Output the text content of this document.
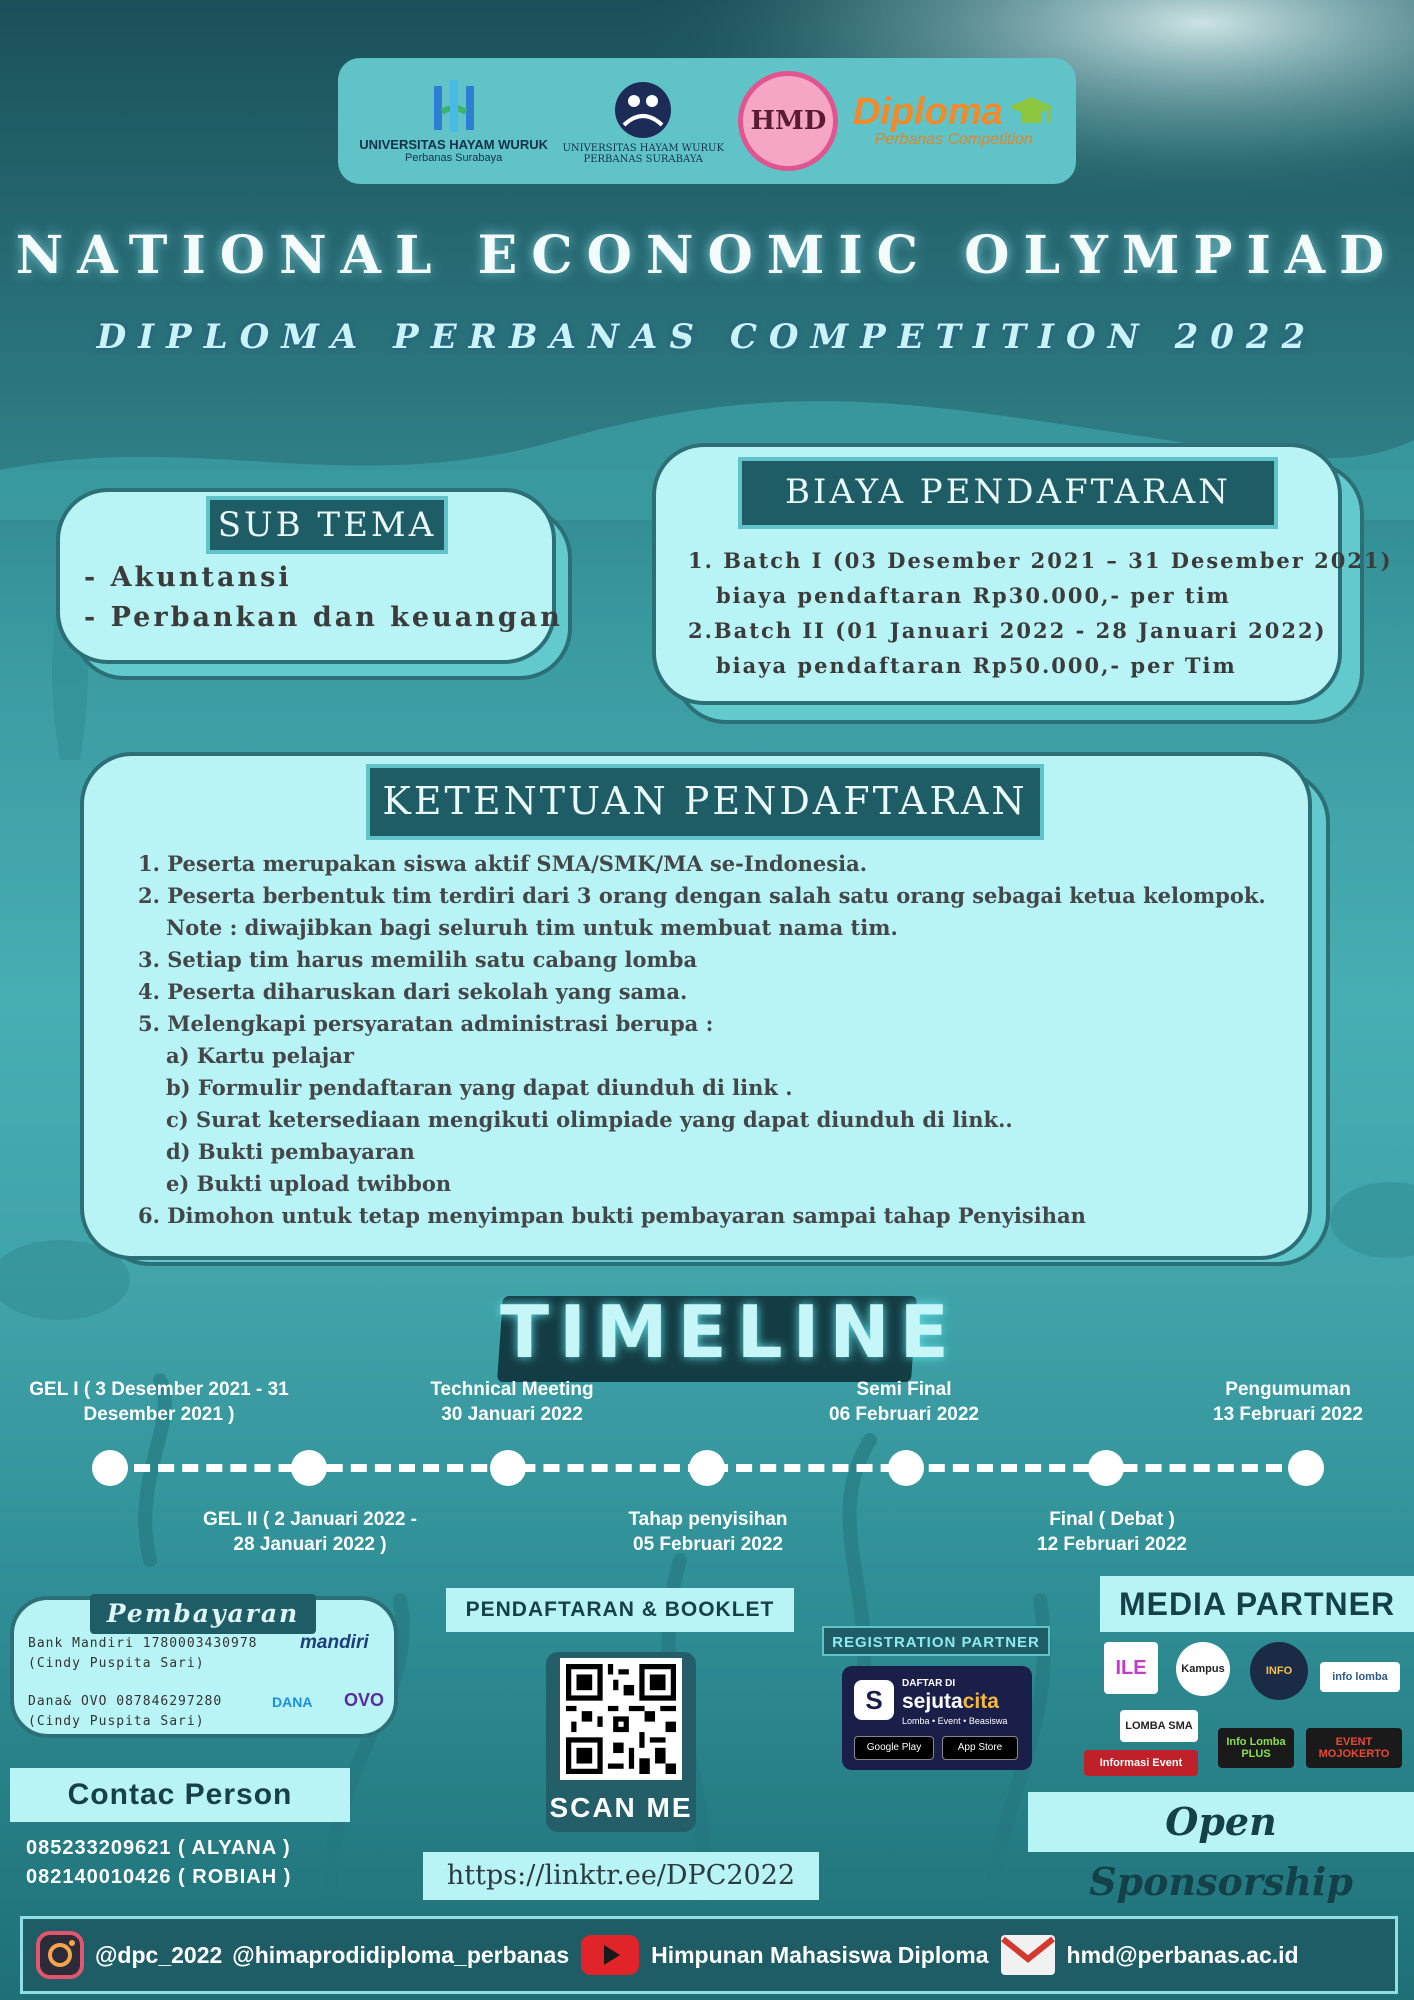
UNIVERSITAS HAYAM WURUK
Perbanas Surabaya
UNIVERSITAS HAYAM WURUK
PERBANAS SURABAYA
HMD Diploma
Perbanas Competition
NATIONAL ECONOMIC OLYMPIAD
DIPLOMA PERBANAS COMPETITION 2022
SUB TEMA
- Akuntansi
- Perbankan dan keuangan
BIAYA PENDAFTARAN
1. Batch I (03 Desember 2021 – 31 Desember 2021)
biaya pendaftaran Rp30.000,- per tim
2.Batch II (01 Januari 2022 - 28 Januari 2022)
biaya pendaftaran Rp50.000,- per Tim
KETENTUAN PENDAFTARAN
1. Peserta merupakan siswa aktif SMA/SMK/MA se-Indonesia.
2. Peserta berbentuk tim terdiri dari 3 orang dengan salah satu orang sebagai ketua kelompok.
Note : diwajibkan bagi seluruh tim untuk membuat nama tim.
3. Setiap tim harus memilih satu cabang lomba
4. Peserta diharuskan dari sekolah yang sama.
5. Melengkapi persyaratan administrasi berupa :
a) Kartu pelajar
b) Formulir pendaftaran yang dapat diunduh di link .
c) Surat ketersediaan mengikuti olimpiade yang dapat diunduh di link..
d) Bukti pembayaran
e) Bukti upload twibbon
6. Dimohon untuk tetap menyimpan bukti pembayaran sampai tahap Penyisihan
TIMELINE
GEL I ( 3 Desember 2021 - 31
Desember 2021 )
Technical Meeting
30 Januari 2022
Semi Final
06 Februari 2022
Pengumuman
13 Februari 2022
GEL II ( 2 Januari 2022 -
28 Januari 2022 )
Tahap penyisihan
05 Februari 2022
Final ( Debat )
12 Februari 2022
Pembayaran
Bank Mandiri 1780003430978
(Cindy Puspita Sari)
mandiri
Dana& OVO 087846297280
(Cindy Puspita Sari)
DANA OVO
Contac Person
085233209621 ( ALYANA )
082140010426 ( ROBIAH )
PENDAFTARAN & BOOKLET
SCAN ME
https://linktr.ee/DPC2022
REGISTRATION PARTNER
S
DAFTAR DI
sejutacita
Lomba • Event • Beasiswa
Google Play	App Store
MEDIA PARTNER
ILE	Kampus	INFO	info lomba
LOMBA SMA
Informasi Event
Info Lomba PLUS
EVENT MOJOKERTO
Open Sponsorship
@dpc_2022 @himaprodidiploma_perbanas	Himpunan Mahasiswa Diploma	hmd@perbanas.ac.id
